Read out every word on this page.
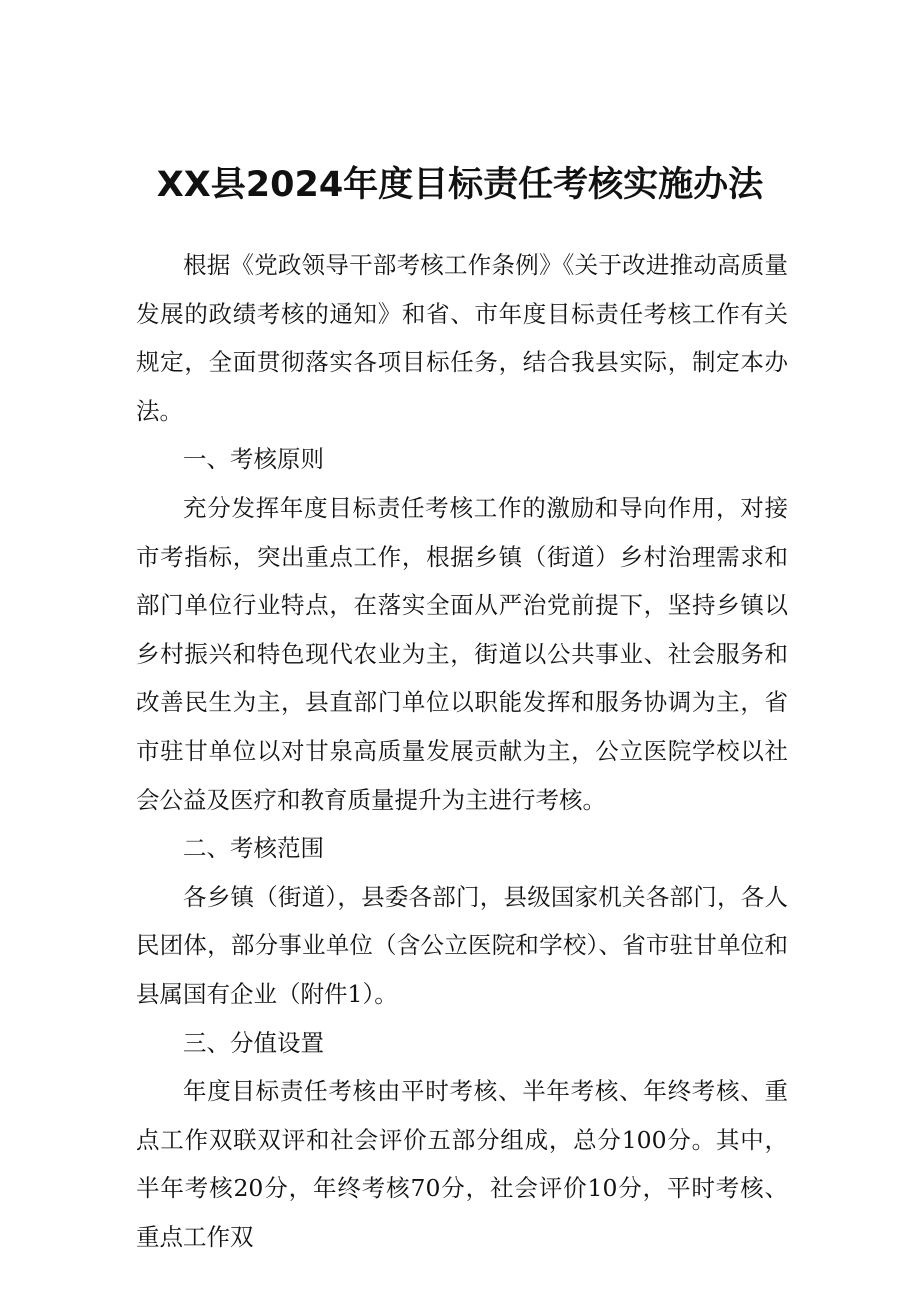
XX县2024年度目标责任考核实施办法

根据《党政领导干部考核工作条例》《关于改进推动高质量发展的政绩考核的通知》和省、市年度目标责任考核工作有关规定，全面贯彻落实各项目标任务，结合我县实际，制定本办法。

一、考核原则

充分发挥年度目标责任考核工作的激励和导向作用，对接市考指标，突出重点工作，根据乡镇（街道）乡村治理需求和部门单位行业特点，在落实全面从严治党前提下，坚持乡镇以乡村振兴和特色现代农业为主，街道以公共事业、社会服务和改善民生为主，县直部门单位以职能发挥和服务协调为主，省市驻甘单位以对甘泉高质量发展贡献为主，公立医院学校以社会公益及医疗和教育质量提升为主进行考核。

二、考核范围

各乡镇（街道），县委各部门，县级国家机关各部门，各人民团体，部分事业单位（含公立医院和学校）、省市驻甘单位和县属国有企业（附件1）。

三、分值设置

年度目标责任考核由平时考核、半年考核、年终考核、重点工作双联双评和社会评价五部分组成，总分100分。其中，半年考核20分，年终考核70分，社会评价10分，平时考核、重点工作双
